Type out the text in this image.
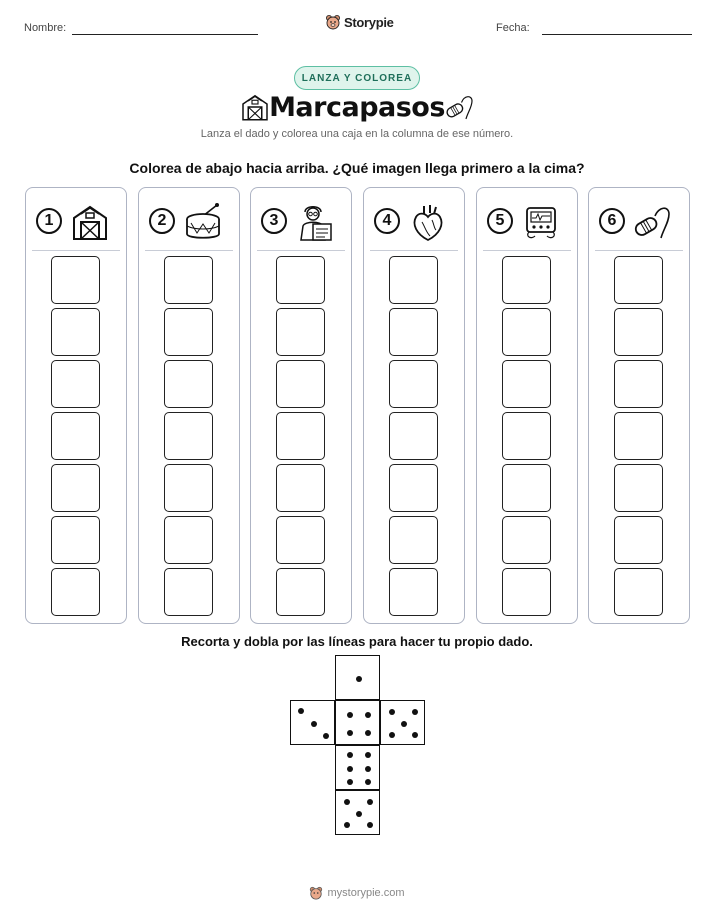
Nombre:	Storypie	Fecha:
LANZA Y COLOREA
Marcapasos
Lanza el dado y colorea una caja en la columna de ese número.
Colorea de abajo hacia arriba. ¿Qué imagen llega primero a la cima?
1	2	3	4	5	6
Recorta y dobla por las líneas para hacer tu propio dado.
mystorypie.com
